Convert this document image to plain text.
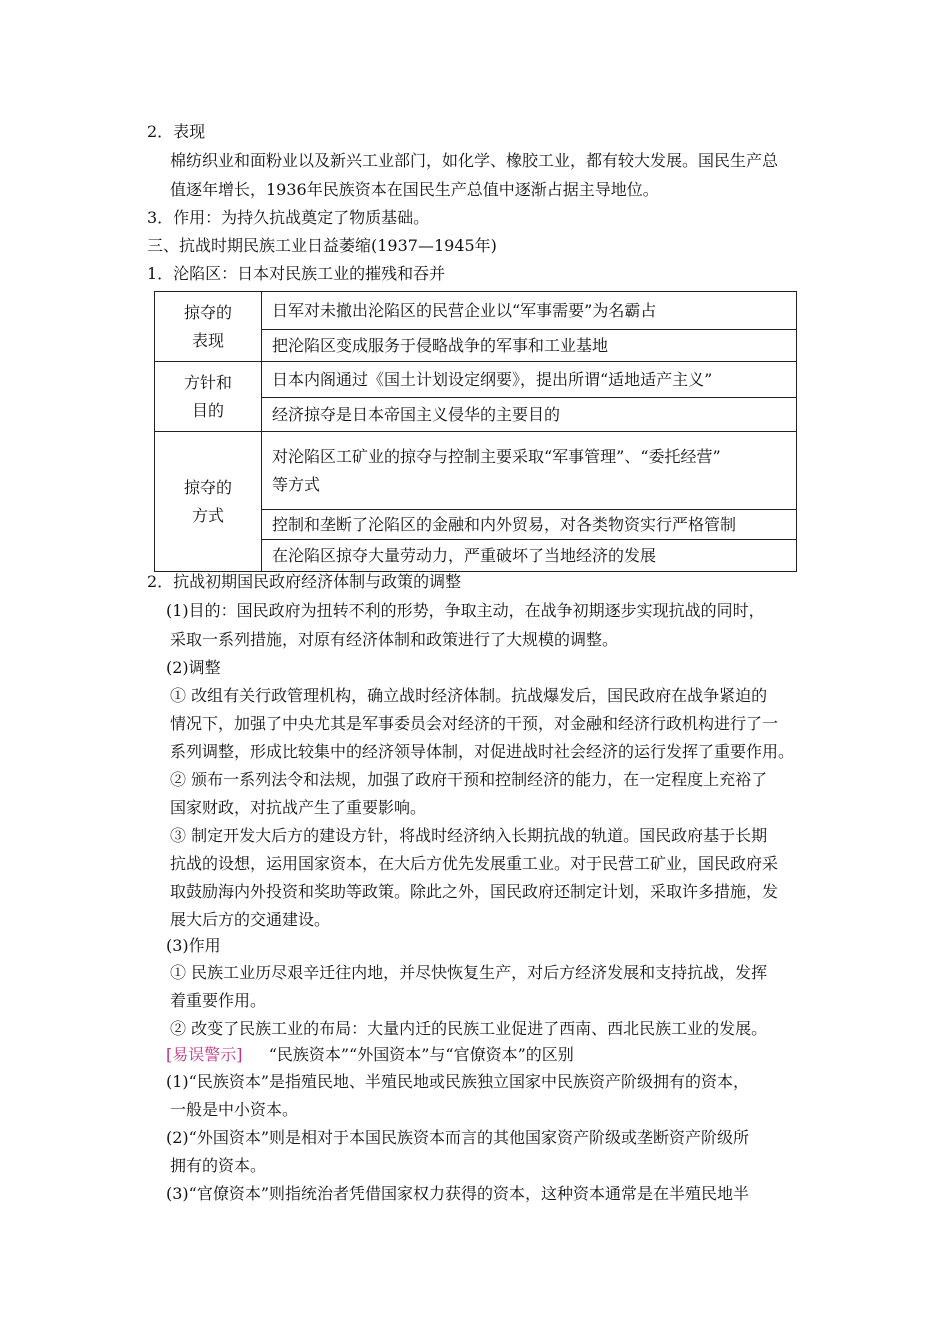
2．表现
棉纺织业和面粉业以及新兴工业部门，如化学、橡胶工业，都有较大发展。国民生产总
值逐年增长，1936年民族资本在国民生产总值中逐渐占据主导地位。
3．作用：为持久抗战奠定了物质基础。
三、抗战时期民族工业日益萎缩(1937—1945年)
1．沦陷区：日本对民族工业的摧残和吞并
掠夺的
表现	日军对未撤出沦陷区的民营企业以“军事需要”为名霸占
	把沦陷区变成服务于侵略战争的军事和工业基地
方针和
目的	日本内阁通过《国土计划设定纲要》，提出所谓“适地适产主义”
	经济掠夺是日本帝国主义侵华的主要目的
掠夺的
方式	对沦陷区工矿业的掠夺与控制主要采取“军事管理”、“委托经营”
等方式
	控制和垄断了沦陷区的金融和内外贸易，对各类物资实行严格管制
	在沦陷区掠夺大量劳动力，严重破坏了当地经济的发展
2．抗战初期国民政府经济体制与政策的调整
(1)目的：国民政府为扭转不利的形势，争取主动，在战争初期逐步实现抗战的同时，
采取一系列措施，对原有经济体制和政策进行了大规模的调整。
(2)调整
① 改组有关行政管理机构，确立战时经济体制。抗战爆发后，国民政府在战争紧迫的
情况下，加强了中央尤其是军事委员会对经济的干预，对金融和经济行政机构进行了一
系列调整，形成比较集中的经济领导体制，对促进战时社会经济的运行发挥了重要作用。
② 颁布一系列法令和法规，加强了政府干预和控制经济的能力，在一定程度上充裕了
国家财政，对抗战产生了重要影响。
③ 制定开发大后方的建设方针，将战时经济纳入长期抗战的轨道。国民政府基于长期
抗战的设想，运用国家资本，在大后方优先发展重工业。对于民营工矿业，国民政府采
取鼓励海内外投资和奖助等政策。除此之外，国民政府还制定计划，采取许多措施，发
展大后方的交通建设。
(3)作用
① 民族工业历尽艰辛迁往内地，并尽快恢复生产，对后方经济发展和支持抗战，发挥
着重要作用。
② 改变了民族工业的布局：大量内迁的民族工业促进了西南、西北民族工业的发展。
[易误警示] “民族资本”“外国资本”与“官僚资本”的区别
(1)“民族资本”是指殖民地、半殖民地或民族独立国家中民族资产阶级拥有的资本，
一般是中小资本。
(2)“外国资本”则是相对于本国民族资本而言的其他国家资产阶级或垄断资产阶级所
拥有的资本。
(3)“官僚资本”则指统治者凭借国家权力获得的资本，这种资本通常是在半殖民地半
